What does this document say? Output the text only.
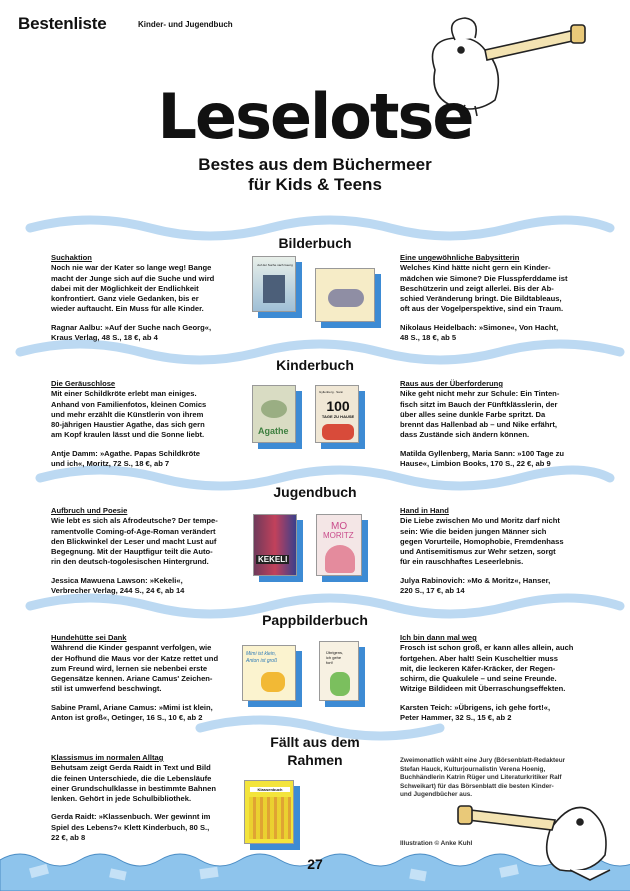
Bestenliste	Kinder- und Jugendbuch
Leselotse
Bestes aus dem Büchermeer
für Kids & Teens
Bilderbuch
Kinderbuch
Jugendbuch
Pappbilderbuch
Fällt aus dem
Rahmen
Suchaktion
Noch nie war der Kater so lange weg! Bange
macht der Junge sich auf die Suche und wird
dabei mit der Möglichkeit der Endlichkeit
konfrontiert. Ganz viele Gedanken, bis er
wieder auftaucht. Ein Muss für alle Kinder.
Ragnar Aalbu: »Auf der Suche nach Georg«,
Kraus Verlag, 48 S., 18 €, ab 4
Eine ungewöhnliche Babysitterin
Welches Kind hätte nicht gern ein Kinder-
mädchen wie Simone? Die Flusspferddame ist
Beschützerin und zeigt allerlei. Bis der Ab-
schied Veränderung bringt. Die Bildtableaus,
oft aus der Vogelperspektive, sind ein Traum.
Nikolaus Heidelbach: »Simone«, Von Hacht,
48 S., 18 €, ab 5
Die Geräuschlose
Mit einer Schildkröte erlebt man einiges.
Anhand von Familienfotos, kleinen Comics
und mehr erzählt die Künstlerin von ihrem
80-jährigen Haustier Agathe, das sich gern
am Kopf kraulen lässt und die Sonne liebt.
Antje Damm: »Agathe. Papas Schildkröte
und ich«, Moritz, 72 S., 18 €, ab 7
Raus aus der Überforderung
Nike geht nicht mehr zur Schule: Ein Tinten-
fisch sitzt im Bauch der Fünftklässlerin, der
über alles seine dunkle Farbe spritzt. Da
brennt das Hallenbad ab – und Nike erfährt,
dass Zustände sich ändern können.
Matilda Gyllenberg, Maria Sann: »100 Tage zu
Hause«, Limbion Books, 170 S., 22 €, ab 9
Aufbruch und Poesie
Wie lebt es sich als Afrodeutsche? Der tempe-
ramentvolle Coming-of-Age-Roman verändert
den Blickwinkel der Leser und macht Lust auf
Begegnung. Mit der Hauptfigur teilt die Auto-
rin den deutsch-togolesischen Hintergrund.
Jessica Mawuena Lawson: »Kekeli«,
Verbrecher Verlag, 244 S., 24 €, ab 14
Hand in Hand
Die Liebe zwischen Mo und Moritz darf nicht
sein: Wie die beiden jungen Männer sich
gegen Vorurteile, Homophobie, Fremdenhass
und Antisemitismus zur Wehr setzen, sorgt
für ein rauschhaftes Leseerlebnis.
Julya Rabinovich: »Mo & Moritz«, Hanser,
220 S., 17 €, ab 14
Hundehütte sei Dank
Während die Kinder gespannt verfolgen, wie
der Hofhund die Maus vor der Katze rettet und
zum Freund wird, lernen sie nebenbei erste
Gegensätze kennen. Ariane Camus' Zeichen-
stil ist umwerfend beschwingt.
Sabine Praml, Ariane Camus: »Mimi ist klein,
Anton ist groß«, Oetinger, 16 S., 10 €, ab 2
Ich bin dann mal weg
Frosch ist schon groß, er kann alles allein, auch
fortgehen. Aber halt! Sein Kuscheltier muss
mit, die leckeren Käfer-Kräcker, der Regen-
schirm, die Quakulele – und seine Freunde.
Witzige Bildideen mit Überraschungseffekten.
Karsten Teich: »Übrigens, ich gehe fort!«,
Peter Hammer, 32 S., 15 €, ab 2
Klassismus im normalen Alltag
Behutsam zeigt Gerda Raidt in Text und Bild
die feinen Unterschiede, die die Lebensläufe
einer Grundschulklasse in bestimmte Bahnen
lenken. Gehört in jede Schulbibliothek.
Gerda Raidt: »Klassenbuch. Wer gewinnt im
Spiel des Lebens?« Klett Kinderbuch, 80 S.,
22 €, ab 8
Zweimonatlich wählt eine Jury (Börsenblatt-Redakteur
Stefan Hauck, Kulturjournalistin Verena Hoenig,
Buchhändlerin Katrin Rüger und Literaturkritiker Ralf
Schweikart) für das Börsenblatt die besten Kinder-
und Jugendbücher aus.
Illustration © Anke Kuhl
Auf der Suche nach Georg
Agathe
Gyllenberg · Sann
100
TAGE ZU HAUSE
KEKELI
MO
MORITZ
Mimi ist klein,
Anton ist groß
Übrigens,
ich gehe
fort!
Klassenbuch
27
